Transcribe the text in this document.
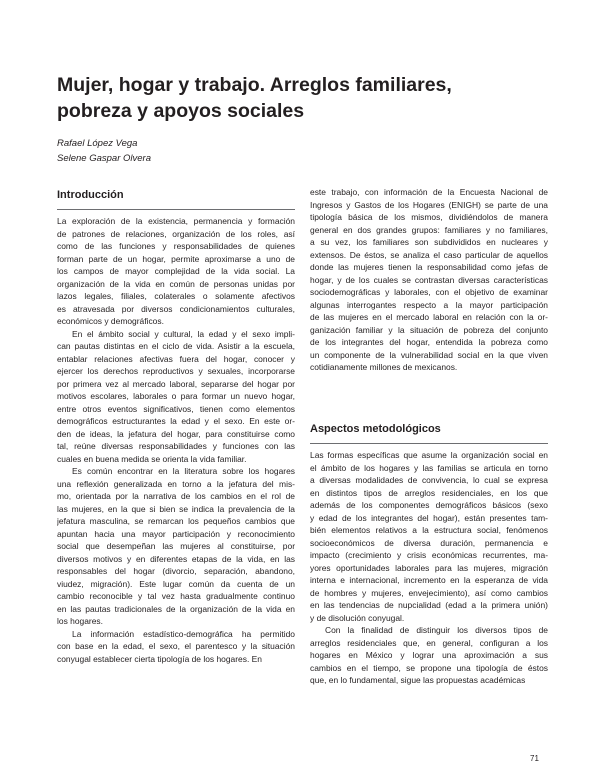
Mujer, hogar y trabajo. Arreglos familiares,
pobreza y apoyos sociales
Rafael López Vega
Selene Gaspar Olvera
Introducción

La exploración de la existencia, permanencia y formación
de patrones de relaciones, organización de los roles, así
como de las funciones y responsabilidades de quienes
forman parte de un hogar, permite aproximarse a uno de
los campos de mayor complejidad de la vida social. La
organización de la vida en común de personas unidas por
lazos legales, filiales, colaterales o solamente afectivos
es atravesada por diversos condicionamientos culturales,
económicos y demográficos.

En el ámbito social y cultural, la edad y el sexo impli-
can pautas distintas en el ciclo de vida. Asistir a la escuela,
entablar relaciones afectivas fuera del hogar, conocer y
ejercer los derechos reproductivos y sexuales, incorporarse
por primera vez al mercado laboral, separarse del hogar por
motivos escolares, laborales o para formar un nuevo hogar,
entre otros eventos significativos, tienen como elementos
demográficos estructurantes la edad y el sexo. En este or-
den de ideas, la jefatura del hogar, para constituirse como
tal, reúne diversas responsabilidades y funciones con las
cuales en buena medida se orienta la vida familiar.

Es común encontrar en la literatura sobre los hogares
una reflexión generalizada en torno a la jefatura del mis-
mo, orientada por la narrativa de los cambios en el rol de
las mujeres, en la que si bien se indica la prevalencia de la
jefatura masculina, se remarcan los pequeños cambios que
apuntan hacia una mayor participación y reconocimiento
social que desempeñan las mujeres al constituirse, por
diversos motivos y en diferentes etapas de la vida, en las
responsables del hogar (divorcio, separación, abandono,
viudez, migración). Este lugar común da cuenta de un
cambio reconocible y tal vez hasta gradualmente continuo
en las pautas tradicionales de la organización de la vida en
los hogares.

La información estadístico-demográfica ha permitido
con base en la edad, el sexo, el parentesco y la situación
conyugal establecer cierta tipología de los hogares. En

este trabajo, con información de la Encuesta Nacional de
Ingresos y Gastos de los Hogares (ENIGH) se parte de una
tipología básica de los mismos, dividiéndolos de manera
general en dos grandes grupos: familiares y no familiares,
a su vez, los familiares son subdivididos en nucleares y
extensos. De éstos, se analiza el caso particular de aquellos
donde las mujeres tienen la responsabilidad como jefas de
hogar, y de los cuales se contrastan diversas características
sociodemográficas y laborales, con el objetivo de examinar
algunas interrogantes respecto a la mayor participación
de las mujeres en el mercado laboral en relación con la or-
ganización familiar y la situación de pobreza del conjunto
de los integrantes del hogar, entendida la pobreza como
un componente de la vulnerabilidad social en la que viven
cotidianamente millones de mexicanos.

Aspectos metodológicos

Las formas específicas que asume la organización social en
el ámbito de los hogares y las familias se articula en torno
a diversas modalidades de convivencia, lo cual se expresa
en distintos tipos de arreglos residenciales, en los que
además de los componentes demográficos básicos (sexo
y edad de los integrantes del hogar), están presentes tam-
bién elementos relativos a la estructura social, fenómenos
socioeconómicos de diversa duración, permanencia e
impacto (crecimiento y crisis económicas recurrentes, ma-
yores oportunidades laborales para las mujeres, migración
interna e internacional, incremento en la esperanza de vida
de hombres y mujeres, envejecimiento), así como cambios
en las tendencias de nupcialidad (edad a la primera unión)
y de disolución conyugal.

Con la finalidad de distinguir los diversos tipos de
arreglos residenciales que, en general, configuran a los
hogares en México y lograr una aproximación a sus
cambios en el tiempo, se propone una tipología de éstos
que, en lo fundamental, sigue las propuestas académicas

71
